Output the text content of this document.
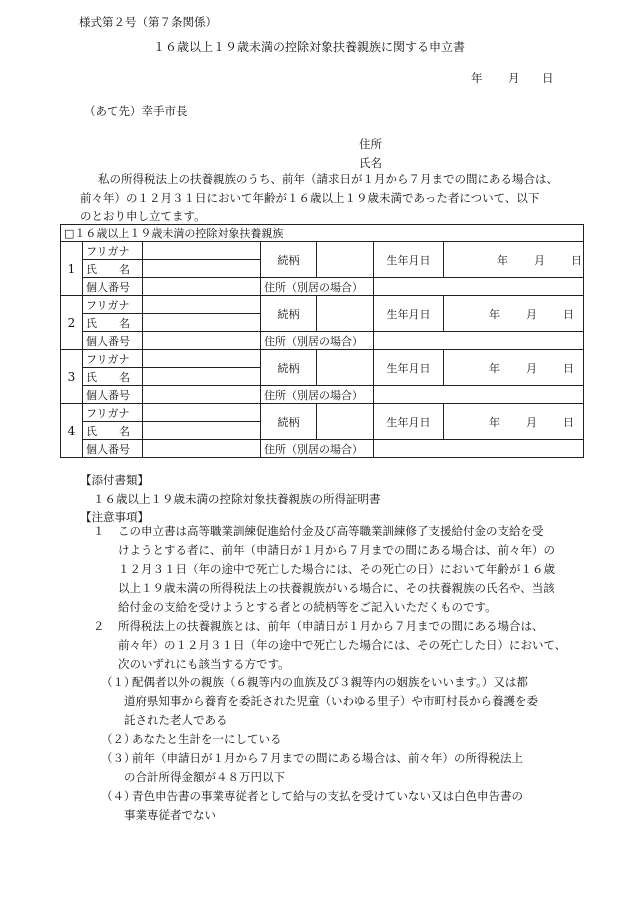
様式第２号（第７条関係）
１６歳以上１９歳未満の控除対象扶養親族に関する申立書
年 月 日
（あて先）幸手市長
住所
氏名
私の所得税法上の扶養親族のうち、前年（請求日が１月から７月までの間にある場合は、
前々年）の１２月３１日において年齢が１６歳以上１９歳未満であった者について、以下
のとおり申し立てます。
□１６歳以上１９歳未満の控除対象扶養親族						
1	フリガナ		続柄		生年月日	年 月 日
	氏　　名					
	個人番号		住所（別居の場合）			
2	フリガナ		続柄		生年月日	年 月 日
	氏　　名					
	個人番号		住所（別居の場合）			
3	フリガナ		続柄		生年月日	年 月 日
	氏　　名					
	個人番号		住所（別居の場合）			
4	フリガナ		続柄		生年月日	年 月 日
	氏　　名					
	個人番号		住所（別居の場合）			
【添付書類】
１６歳以上１９歳未満の控除対象扶養親族の所得証明書
【注意事項】
１ この申立書は高等職業訓練促進給付金及び高等職業訓練修了支援給付金の支給を受
けようとする者に、前年（申請日が１月から７月までの間にある場合は、前々年）の
１２月３１日（年の途中で死亡した場合には、その死亡の日）において年齢が１６歳
以上１９歳未満の所得税法上の扶養親族がいる場合に、その扶養親族の氏名や、当該
給付金の支給を受けようとする者との続柄等をご記入いただくものです。
２ 所得税法上の扶養親族とは、前年（申請日が１月から７月までの間にある場合は、
前々年）の１２月３１日（年の途中で死亡した場合には、その死亡した日）において、
次のいずれにも該当する方です。
（１）
配偶者以外の親族（６親等内の血族及び３親等内の姻族をいいます。）又は都
道府県知事から養育を委託された児童（いわゆる里子）や市町村長から養護を委
託された老人である
（２）
あなたと生計を一にしている
（３）
前年（申請日が１月から７月までの間にある場合は、前々年）の所得税法上
の合計所得金額が４８万円以下
（４）
青色申告書の事業専従者として給与の支払を受けていない又は白色申告書の
事業専従者でない
